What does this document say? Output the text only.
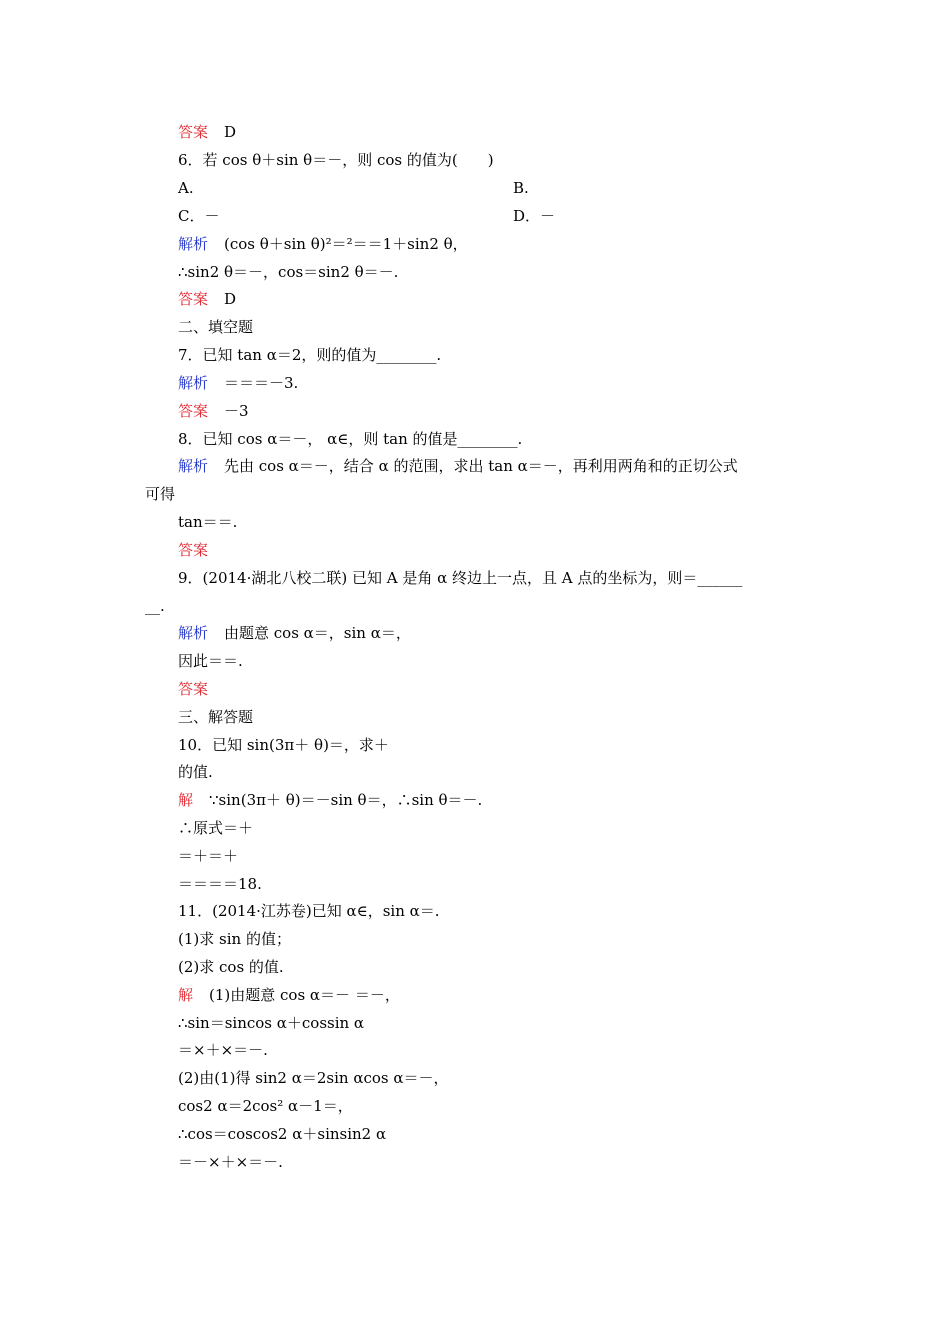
答案 D
6．若 cos θ＋sin θ＝－，则 cos 的值为(　　)
A.	B.
C．－	D．－
解析 (cos θ＋sin θ)²＝²＝＝1＋sin2 θ，
∴sin2 θ＝－，cos＝sin2 θ＝－.
答案 D
二、填空题
7．已知 tan α＝2，则的值为________.
解析 ＝＝＝－3.
答案 －3
8．已知 cos α＝－， α∈，则 tan 的值是________.
解析 先由 cos α＝－，结合 α 的范围，求出 tan α＝－，再利用两角和的正切公式
可得
tan＝＝.
答案
9．(2014·湖北八校二联) 已知 A 是角 α 终边上一点，且 A 点的坐标为，则＝______
__.
解析 由题意 cos α＝，sin α＝，
因此＝＝.
答案
三、解答题
10．已知 sin(3π＋ θ)＝，求＋
的值.
解 ∵sin(3π＋ θ)＝－sin θ＝，∴sin θ＝－.
∴原式＝＋
＝＋＝＋
＝＝＝＝18.
11．(2014·江苏卷)已知 α∈，sin α＝.
(1)求 sin 的值；
(2)求 cos 的值.
解 (1)由题意 cos α＝－ ＝－，
∴sin＝sincos α＋cossin α
＝×＋×＝－.
(2)由(1)得 sin2 α＝2sin αcos α＝－，
cos2 α＝2cos² α－1＝，
∴cos＝coscos2 α＋sinsin2 α
＝－×＋×＝－.
